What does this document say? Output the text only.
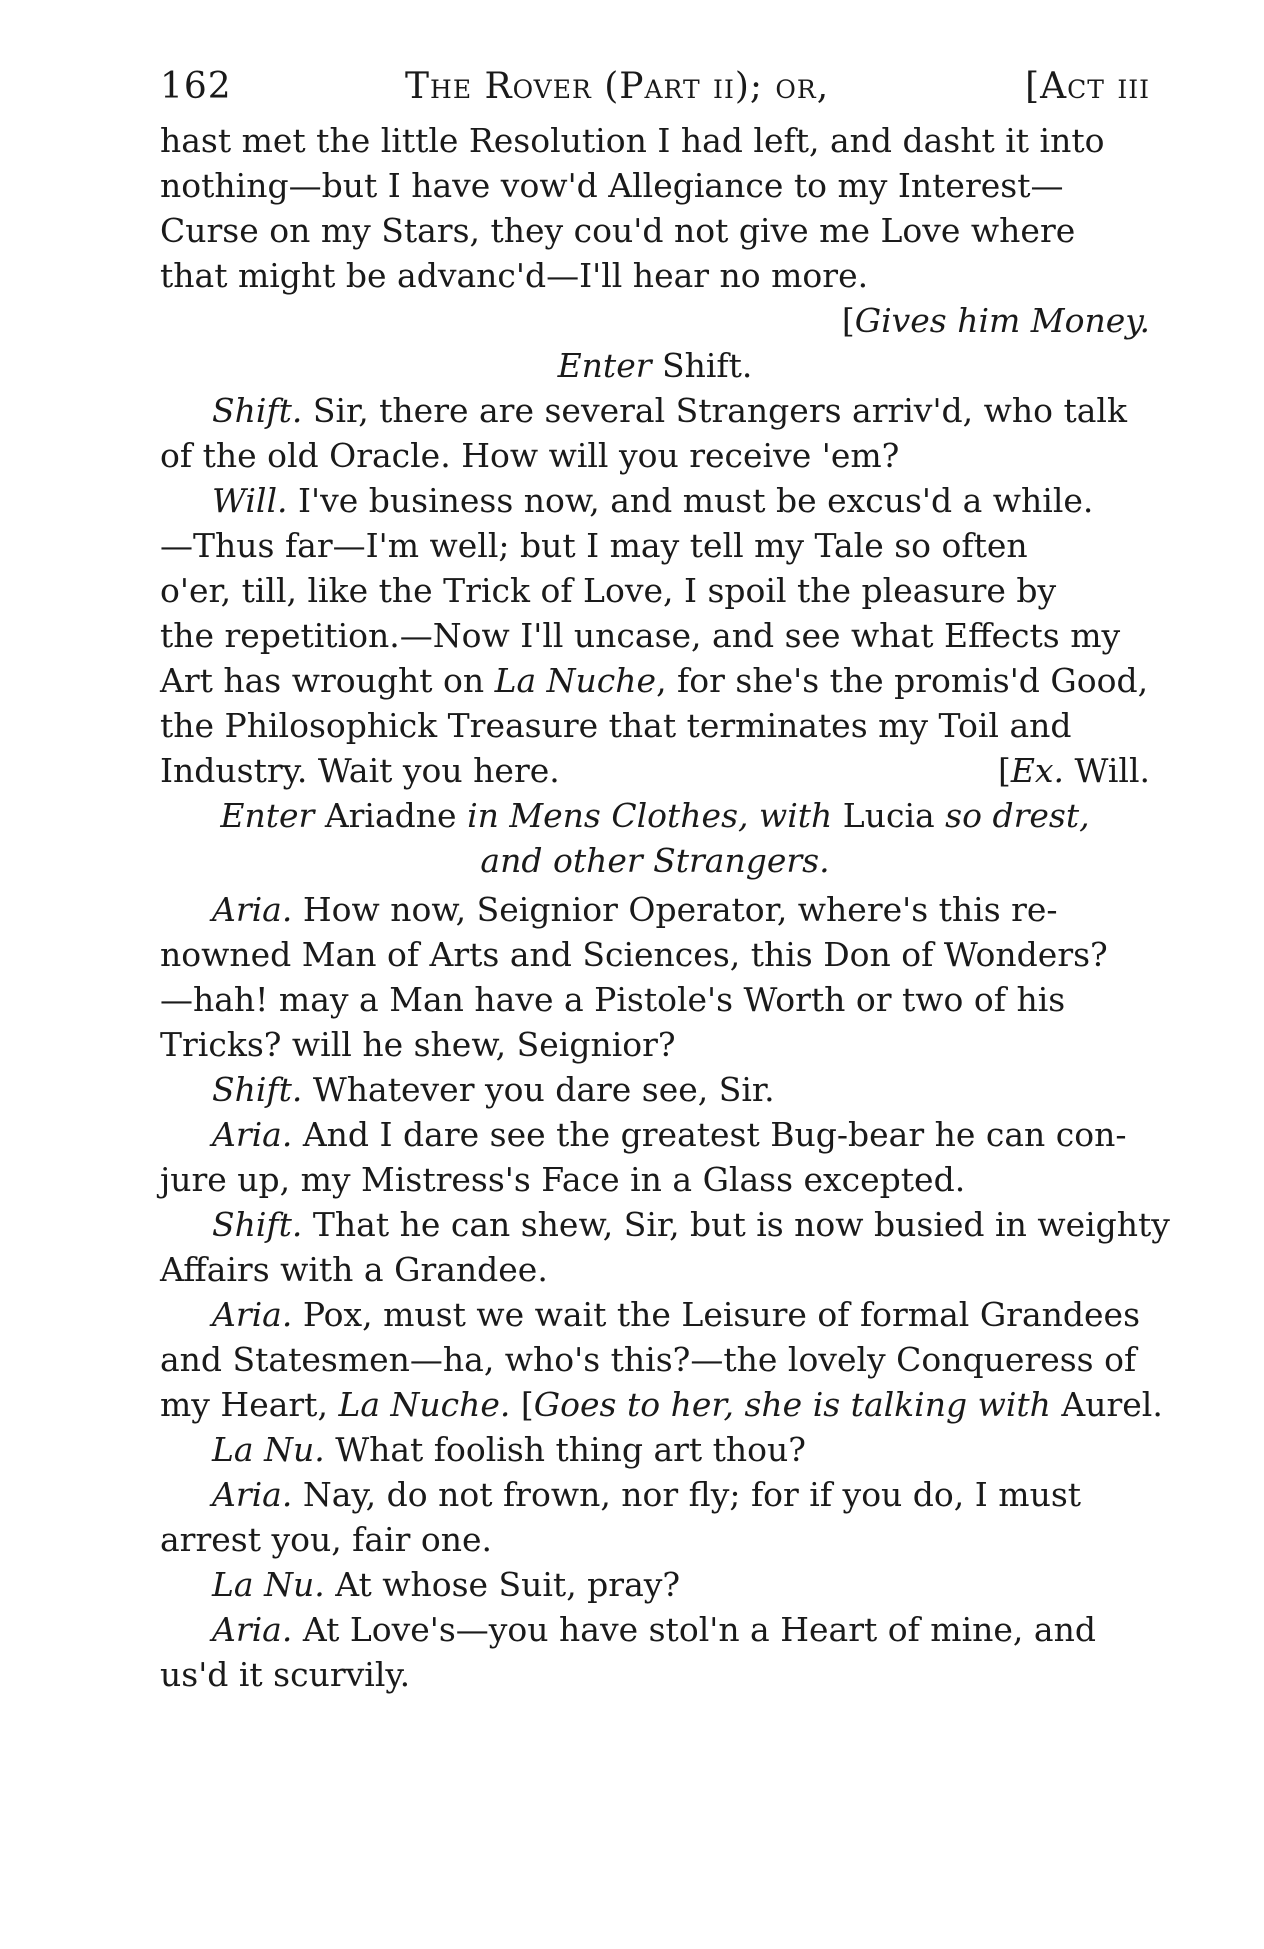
162	The Rover (Part ii); or,	[Act iii
hast met the little Resolution I had left, and dasht it into
nothing—but I have vow'd Allegiance to my Interest—
Curse on my Stars, they cou'd not give me Love where
that might be advanc'd—I'll hear no more.
[Gives him Money.
Enter Shift.
Shift. Sir, there are several Strangers arriv'd, who talk
of the old Oracle. How will you receive 'em?
Will. I've business now, and must be excus'd a while.
—Thus far—I'm well; but I may tell my Tale so often
o'er, till, like the Trick of Love, I spoil the pleasure by
the repetition.—Now I'll uncase, and see what Effects my
Art has wrought on La Nuche, for she's the promis'd Good,
the Philosophick Treasure that terminates my Toil and
Industry. Wait you here.	[Ex. Will.
Enter Ariadne in Mens Clothes, with Lucia so drest,
and other Strangers.
Aria. How now, Seignior Operator, where's this re-
nowned Man of Arts and Sciences, this Don of Wonders?
—hah! may a Man have a Pistole's Worth or two of his
Tricks? will he shew, Seignior?
Shift. Whatever you dare see, Sir.
Aria. And I dare see the greatest Bug-bear he can con-
jure up, my Mistress's Face in a Glass excepted.
Shift. That he can shew, Sir, but is now busied in weighty
Affairs with a Grandee.
Aria. Pox, must we wait the Leisure of formal Grandees
and Statesmen—ha, who's this?—the lovely Conqueress of
my Heart, La Nuche. [Goes to her, she is talking with Aurel.
La Nu. What foolish thing art thou?
Aria. Nay, do not frown, nor fly; for if you do, I must
arrest you, fair one.
La Nu. At whose Suit, pray?
Aria. At Love's—you have stol'n a Heart of mine, and
us'd it scurvily.
